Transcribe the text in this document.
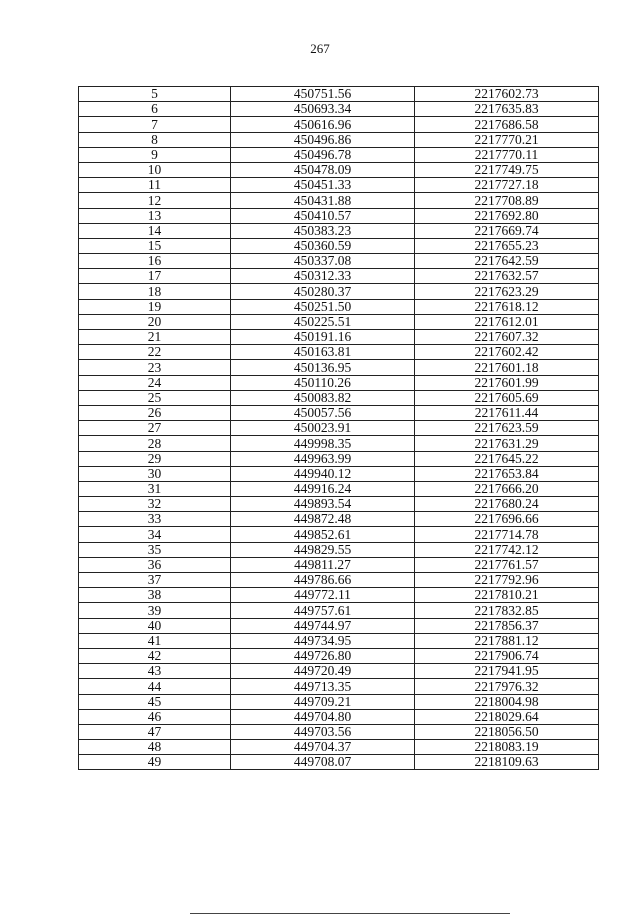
267
5	450751.56	2217602.73
6	450693.34	2217635.83
7	450616.96	2217686.58
8	450496.86	2217770.21
9	450496.78	2217770.11
10	450478.09	2217749.75
11	450451.33	2217727.18
12	450431.88	2217708.89
13	450410.57	2217692.80
14	450383.23	2217669.74
15	450360.59	2217655.23
16	450337.08	2217642.59
17	450312.33	2217632.57
18	450280.37	2217623.29
19	450251.50	2217618.12
20	450225.51	2217612.01
21	450191.16	2217607.32
22	450163.81	2217602.42
23	450136.95	2217601.18
24	450110.26	2217601.99
25	450083.82	2217605.69
26	450057.56	2217611.44
27	450023.91	2217623.59
28	449998.35	2217631.29
29	449963.99	2217645.22
30	449940.12	2217653.84
31	449916.24	2217666.20
32	449893.54	2217680.24
33	449872.48	2217696.66
34	449852.61	2217714.78
35	449829.55	2217742.12
36	449811.27	2217761.57
37	449786.66	2217792.96
38	449772.11	2217810.21
39	449757.61	2217832.85
40	449744.97	2217856.37
41	449734.95	2217881.12
42	449726.80	2217906.74
43	449720.49	2217941.95
44	449713.35	2217976.32
45	449709.21	2218004.98
46	449704.80	2218029.64
47	449703.56	2218056.50
48	449704.37	2218083.19
49	449708.07	2218109.63
